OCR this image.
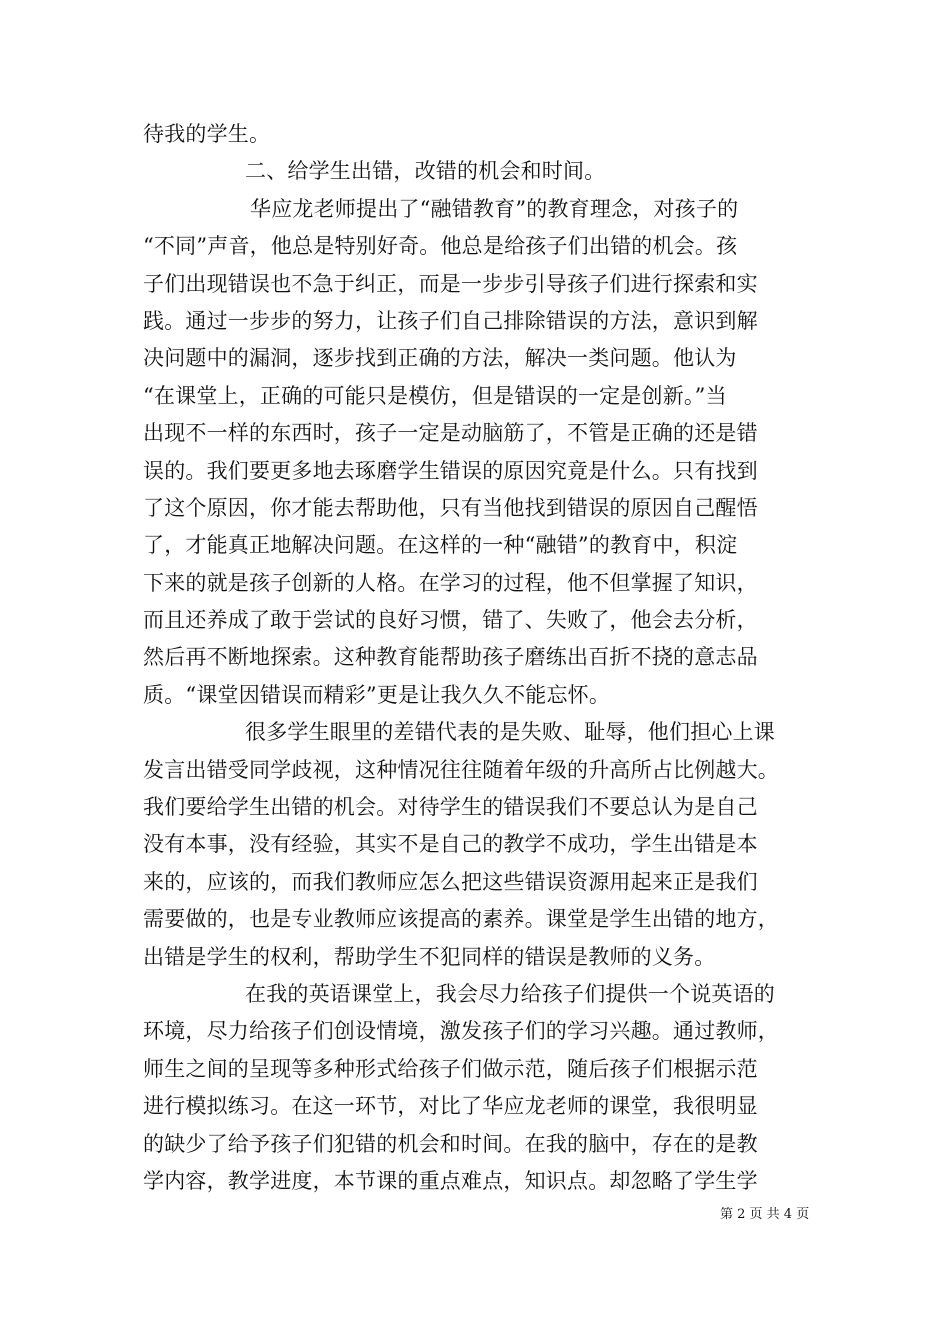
待我的学生。
二、给学生出错，改错的机会和时间。
华应龙老师提出了“融错教育”的教育理念，对孩子的
“不同”声音，他总是特别好奇。他总是给孩子们出错的机会。孩
子们出现错误也不急于纠正，而是一步步引导孩子们进行探索和实
践。通过一步步的努力，让孩子们自己排除错误的方法，意识到解
决问题中的漏洞，逐步找到正确的方法，解决一类问题。他认为
“在课堂上，正确的可能只是模仿，但是错误的一定是创新。”当
出现不一样的东西时，孩子一定是动脑筋了，不管是正确的还是错
误的。我们要更多地去琢磨学生错误的原因究竟是什么。只有找到
了这个原因，你才能去帮助他，只有当他找到错误的原因自己醒悟
了，才能真正地解决问题。在这样的一种“融错”的教育中，积淀
下来的就是孩子创新的人格。在学习的过程，他不但掌握了知识，
而且还养成了敢于尝试的良好习惯，错了、失败了，他会去分析，
然后再不断地探索。这种教育能帮助孩子磨练出百折不挠的意志品
质。“课堂因错误而精彩”更是让我久久不能忘怀。
很多学生眼里的差错代表的是失败、耻辱，他们担心上课
发言出错受同学歧视，这种情况往往随着年级的升高所占比例越大。
我们要给学生出错的机会。对待学生的错误我们不要总认为是自己
没有本事，没有经验，其实不是自己的教学不成功，学生出错是本
来的，应该的，而我们教师应怎么把这些错误资源用起来正是我们
需要做的，也是专业教师应该提高的素养。课堂是学生出错的地方，
出错是学生的权利，帮助学生不犯同样的错误是教师的义务。
在我的英语课堂上，我会尽力给孩子们提供一个说英语的
环境，尽力给孩子们创设情境，激发孩子们的学习兴趣。通过教师，
师生之间的呈现等多种形式给孩子们做示范，随后孩子们根据示范
进行模拟练习。在这一环节，对比了华应龙老师的课堂，我很明显
的缺少了给予孩子们犯错的机会和时间。在我的脑中，存在的是教
学内容，教学进度，本节课的重点难点，知识点。却忽略了学生学
第 2 页 共 4 页
